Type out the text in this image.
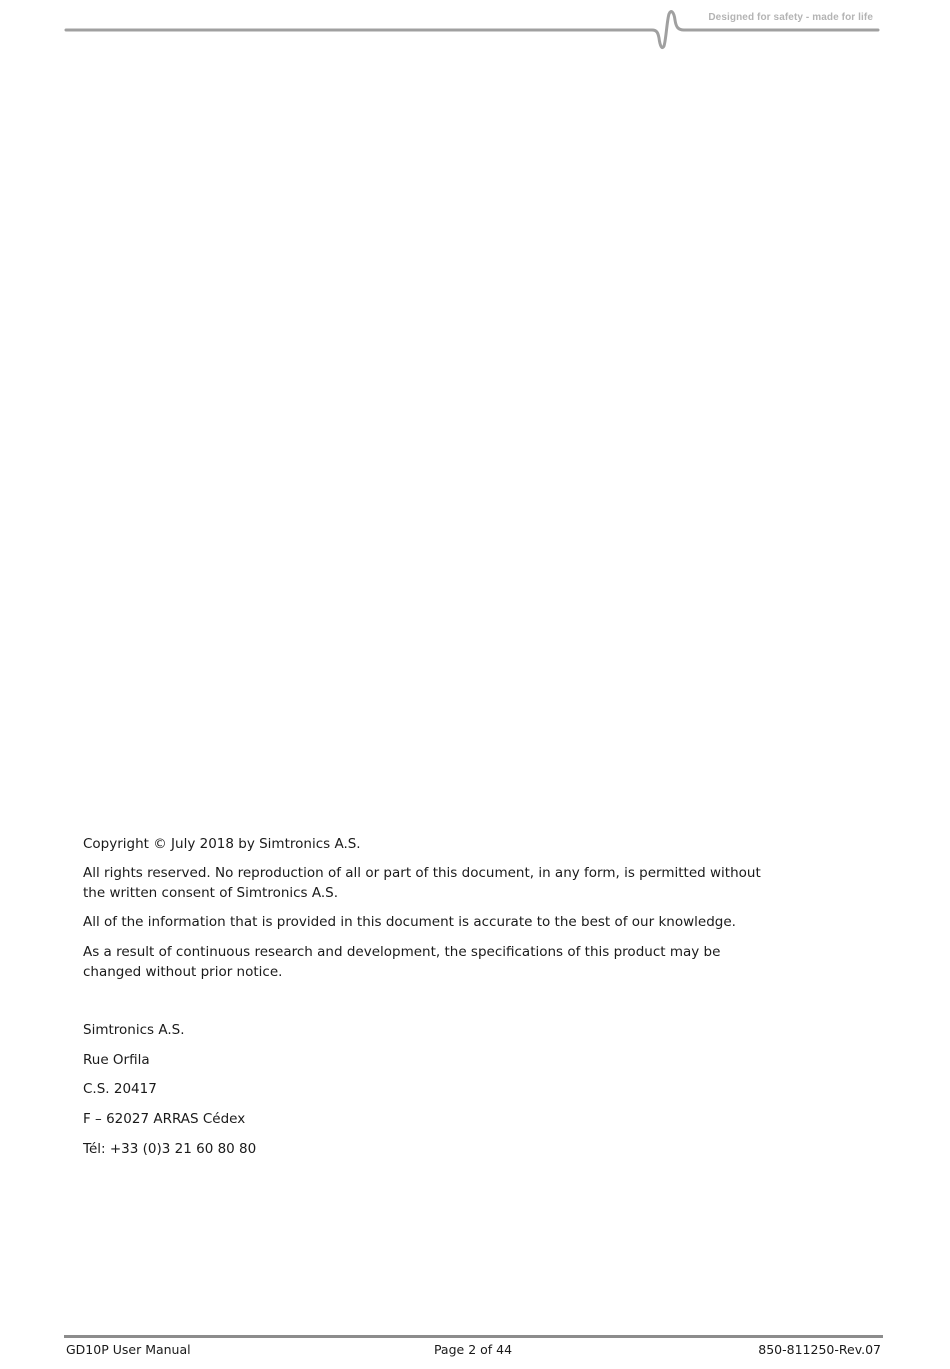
Designed for safety - made for life

Copyright © July 2018 by Simtronics A.S.

All rights reserved. No reproduction of all or part of this document, in any form, is permitted without the written consent of Simtronics A.S.

All of the information that is provided in this document is accurate to the best of our knowledge.

As a result of continuous research and development, the specifications of this product may be changed without prior notice.

Simtronics A.S.

Rue Orfila

C.S. 20417

F – 62027 ARRAS Cédex

Tél: +33 (0)3 21 60 80 80

GD10P User Manual	Page 2 of 44	850-811250-Rev.07
